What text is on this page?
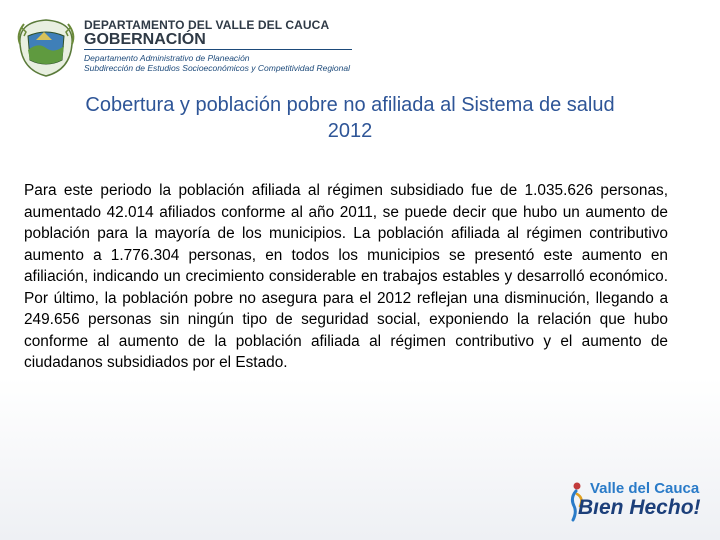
DEPARTAMENTO DEL VALLE DEL CAUCA
GOBERNACIÓN
Departamento Administrativo de Planeación
Subdirección de Estudios Socioeconómicos y Competitividad Regional
Cobertura y población pobre no afiliada al Sistema de salud
2012
Para este periodo la población afiliada al régimen subsidiado fue de 1.035.626 personas, aumentado 42.014 afiliados conforme al año 2011, se puede decir que hubo un aumento de población para la mayoría de los municipios. La población afiliada al régimen contributivo aumento a 1.776.304 personas, en todos los municipios se presentó este aumento en afiliación, indicando un crecimiento considerable en trabajos estables y desarrolló económico. Por último, la población pobre no asegura para el 2012 reflejan una disminución, llegando a 249.656 personas sin ningún tipo de seguridad social, exponiendo la relación que hubo conforme al aumento de la población afiliada al régimen contributivo y el aumento de ciudadanos subsidiados por el Estado.
Valle del Cauca
Bıen Hecho!
